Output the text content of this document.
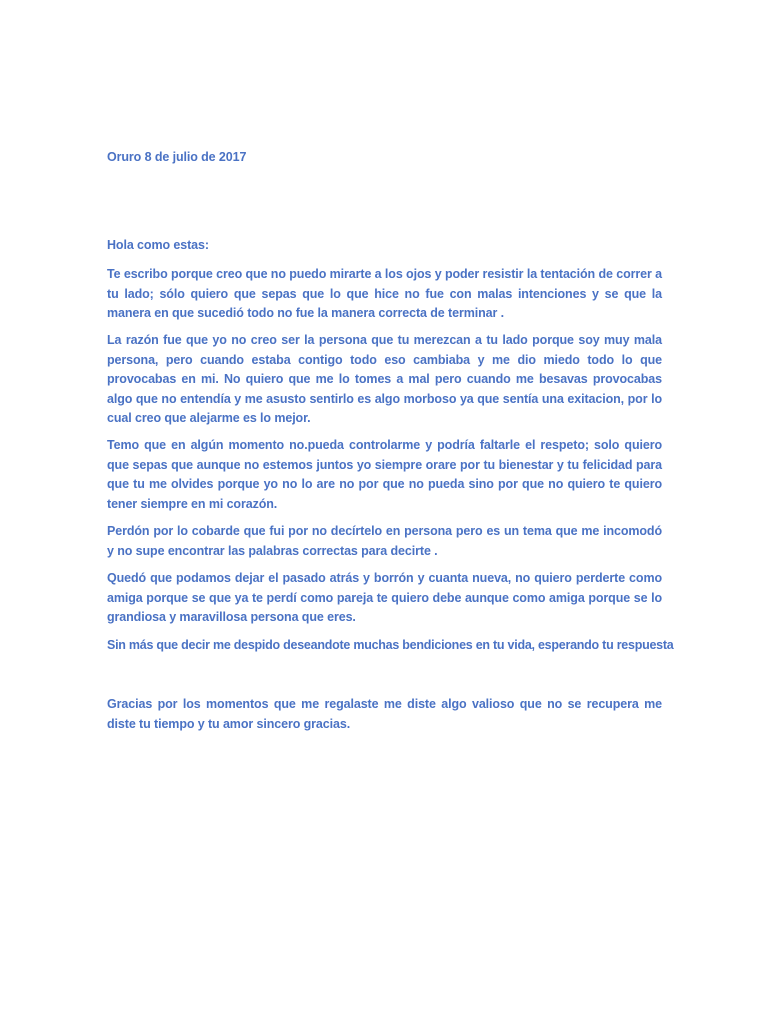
Oruro 8 de julio de 2017

Hola como estas:

Te escribo porque creo que no puedo mirarte a los ojos y poder resistir la tentación de correr a tu lado; sólo quiero que sepas que lo que hice no fue con malas intenciones y se que la manera en que sucedió todo no fue la manera correcta de terminar .

La razón fue que yo no creo ser la persona que tu merezcan a tu lado porque soy muy mala persona, pero cuando estaba contigo todo eso cambiaba y me dio miedo todo lo que provocabas en mi. No quiero que me lo tomes a mal pero cuando me besavas provocabas algo que no entendía y me asusto sentirlo es algo morboso ya que sentía una exitacion, por lo cual creo que alejarme es lo mejor.

Temo que en algún momento no.pueda controlarme y podría faltarle el respeto; solo quiero que sepas que aunque no estemos juntos yo siempre orare por tu bienestar y tu felicidad para que tu me olvides porque yo no lo are no por que no pueda sino por que no quiero te quiero tener siempre en mi corazón.

Perdón por lo cobarde que fui por no decírtelo en persona pero es un tema que me incomodó y no supe encontrar las palabras correctas para decirte .

Quedó que podamos dejar el pasado atrás y borrón y cuanta nueva, no quiero perderte como amiga porque se que ya te perdí como pareja te quiero debe aunque como amiga porque se lo grandiosa y maravillosa persona que eres.

Sin más que decir me despido deseandote muchas bendiciones en tu vida, esperando tu respuesta

Gracias por los momentos que me regalaste me diste algo valioso que no se recupera me diste tu tiempo y tu amor sincero gracias.
